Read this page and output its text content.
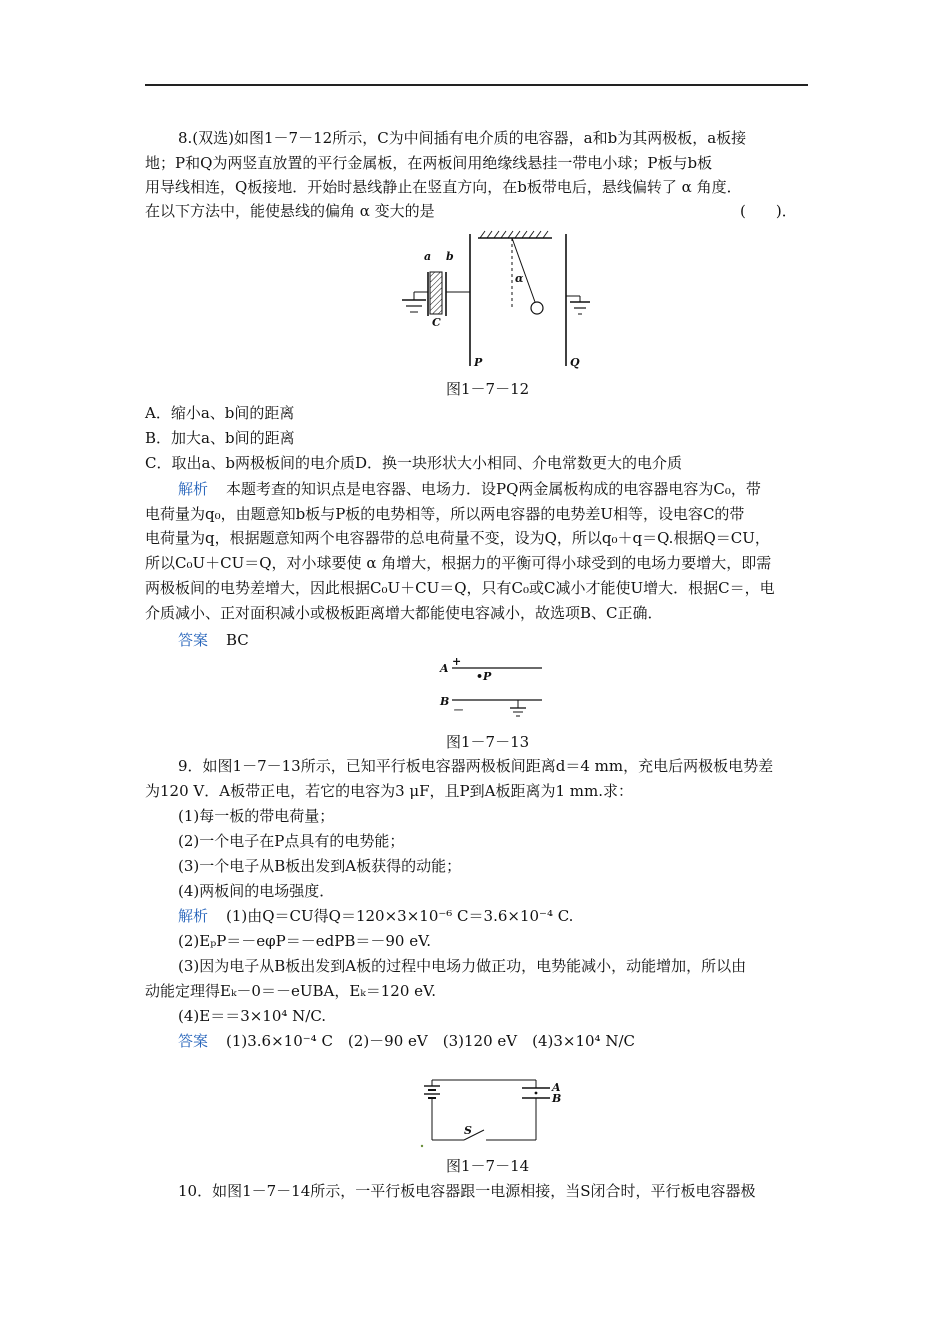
8.(双选)如图1－7－12所示，C为中间插有电介质的电容器，a和b为其两极板，a板接
地；P和Q为两竖直放置的平行金属板，在两板间用绝缘线悬挂一带电小球；P板与b板
用导线相连，Q板接地．开始时悬线静止在竖直方向，在b板带电后，悬线偏转了 α 角度．
在以下方法中，能使悬线的偏角 α 变大的是	(　　)．
a b
C
P
α
Q
图1－7－12
A．缩小a、b间的距离
B．加大a、b间的距离
C．取出a、b两极板间的电介质D．换一块形状大小相同、介电常数更大的电介质
解析 本题考查的知识点是电容器、电场力．设PQ两金属板构成的电容器电容为C₀，带
电荷量为q₀，由题意知b板与P板的电势相等，所以两电容器的电势差U相等，设电容C的带
电荷量为q，根据题意知两个电容器带的总电荷量不变，设为Q，所以q₀＋q＝Q.根据Q＝CU，
所以C₀U＋CU＝Q，对小球要使 α 角增大，根据力的平衡可得小球受到的电场力要增大，即需
两极板间的电势差增大，因此根据C₀U＋CU＝Q，只有C₀或C减小才能使U增大．根据C＝，电
介质减小、正对面积减小或极板距离增大都能使电容减小，故选项B、C正确．
答案 BC
A
+
•P
B
－
图1－7－13
9．如图1－7－13所示，已知平行板电容器两极板间距离d＝4 mm，充电后两极板电势差
为120 V．A板带正电，若它的电容为3 μF，且P到A板距离为1 mm.求：
(1)每一板的带电荷量；
(2)一个电子在P点具有的电势能；
(3)一个电子从B板出发到A板获得的动能；
(4)两板间的电场强度．
解析 (1)由Q＝CU得Q＝120×3×10⁻⁶ C＝3.6×10⁻⁴ C.
(2)EₚP＝－eφP＝－edPB＝－90 eV.
(3)因为电子从B板出发到A板的过程中电场力做正功，电势能减小，动能增加，所以由
动能定理得Eₖ－0＝－eUBA，Eₖ＝120 eV.
(4)E＝＝3×10⁴ N/C.
答案 (1)3.6×10⁻⁴ C　(2)－90 eV　(3)120 eV　(4)3×10⁴ N/C
A
B
S
图1－7－14
10．如图1－7－14所示，一平行板电容器跟一电源相接，当S闭合时，平行板电容器极
